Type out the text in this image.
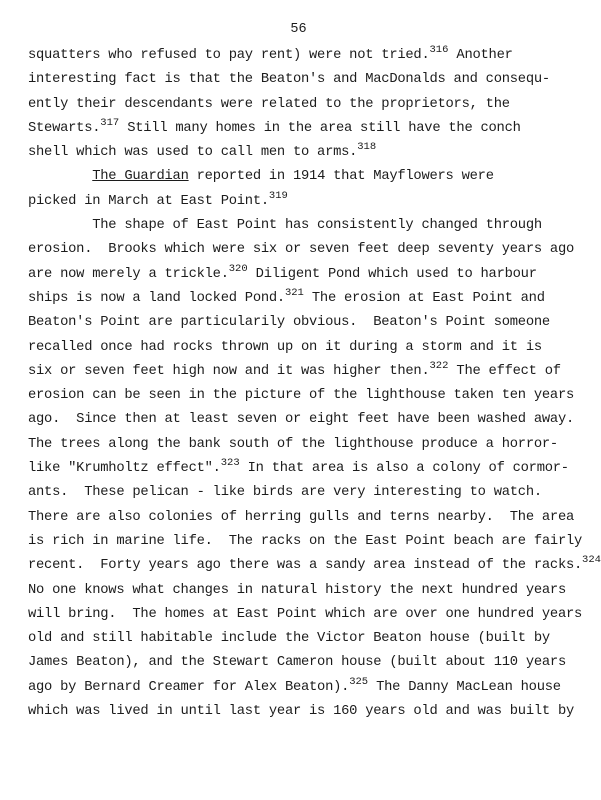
56
squatters who refused to pay rent) were not tried.$^{316}$ Another
interesting fact is that the Beaton's and MacDonalds and consequ-
ently their descendants were related to the proprietors, the
Stewarts.$^{317}$ Still many homes in the area still have the conch
shell which was used to call men to arms.$^{318}$
The Guardian reported in 1914 that Mayflowers were
picked in March at East Point.$^{319}$
The shape of East Point has consistently changed through
erosion.  Brooks which were six or seven feet deep seventy years ago
are now merely a trickle.$^{320}$ Diligent Pond which used to harbour
ships is now a land locked Pond.$^{321}$ The erosion at East Point and
Beaton's Point are particularily obvious.  Beaton's Point someone
recalled once had rocks thrown up on it during a storm and it is
six or seven feet high now and it was higher then.$^{322}$ The effect of
erosion can be seen in the picture of the lighthouse taken ten years
ago.  Since then at least seven or eight feet have been washed away.
The trees along the bank south of the lighthouse produce a horror-
like "Krumholtz effect".$^{323}$ In that area is also a colony of cormor-
ants.  These pelican - like birds are very interesting to watch.
There are also colonies of herring gulls and terns nearby.  The area
is rich in marine life.  The racks on the East Point beach are fairly
recent.  Forty years ago there was a sandy area instead of the racks.$^{324}$
No one knows what changes in natural history the next hundred years
will bring.  The homes at East Point which are over one hundred years
old and still habitable include the Victor Beaton house (built by
James Beaton), and the Stewart Cameron house (built about 110 years
ago by Bernard Creamer for Alex Beaton).$^{325}$ The Danny MacLean house
which was lived in until last year is 160 years old and was built by
